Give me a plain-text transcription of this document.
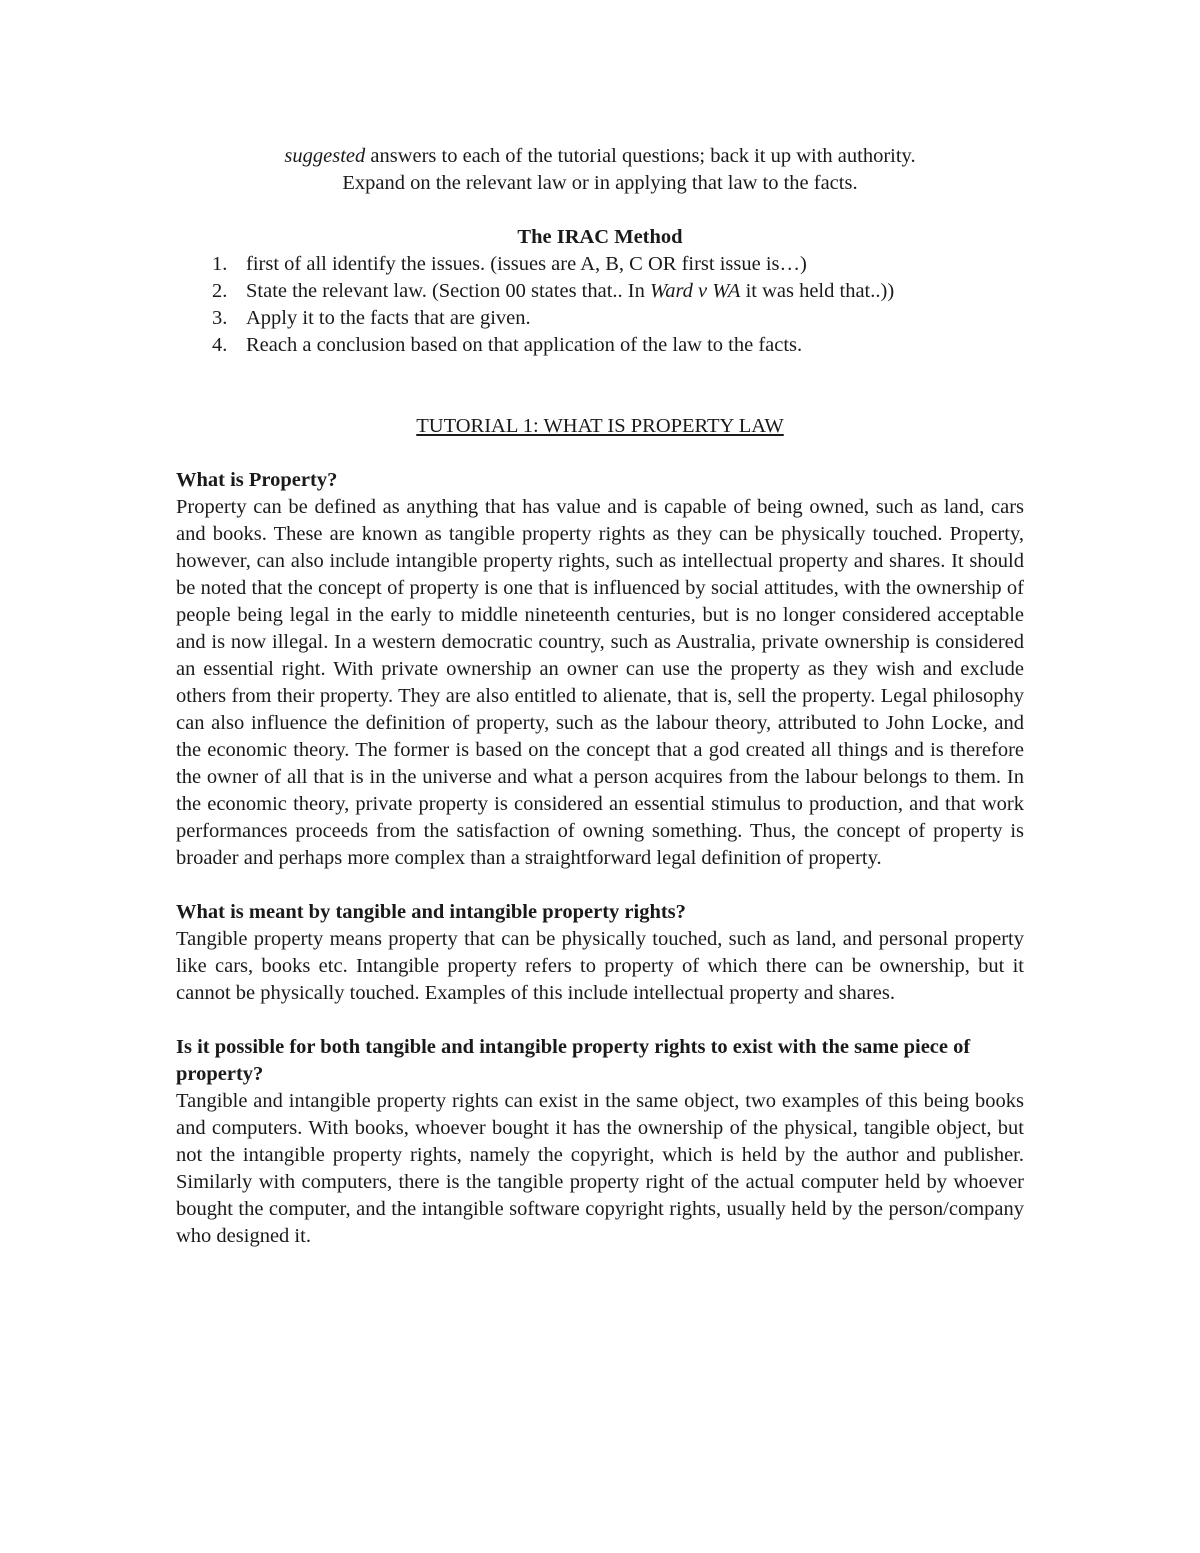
suggested answers to each of the tutorial questions; back it up with authority.
Expand on the relevant law or in applying that law to the facts.
The IRAC Method
1. first of all identify the issues. (issues are A, B, C OR first issue is…)
2. State the relevant law. (Section 00 states that.. In Ward v WA it was held that..))
3. Apply it to the facts that are given.
4. Reach a conclusion based on that application of the law to the facts.
TUTORIAL 1: WHAT IS PROPERTY LAW
What is Property?

Property can be defined as anything that has value and is capable of being owned, such as land, cars and books. These are known as tangible property rights as they can be physically touched. Property, however, can also include intangible property rights, such as intellectual property and shares. It should be noted that the concept of property is one that is influenced by social attitudes, with the ownership of people being legal in the early to middle nineteenth centuries, but is no longer considered acceptable and is now illegal. In a western democratic country, such as Australia, private ownership is considered an essential right. With private ownership an owner can use the property as they wish and exclude others from their property. They are also entitled to alienate, that is, sell the property. Legal philosophy can also influence the definition of property, such as the labour theory, attributed to John Locke, and the economic theory. The former is based on the concept that a god created all things and is therefore the owner of all that is in the universe and what a person acquires from the labour belongs to them. In the economic theory, private property is considered an essential stimulus to production, and that work performances proceeds from the satisfaction of owning something. Thus, the concept of property is broader and perhaps more complex than a straightforward legal definition of property.

What is meant by tangible and intangible property rights?

Tangible property means property that can be physically touched, such as land, and personal property like cars, books etc. Intangible property refers to property of which there can be ownership, but it cannot be physically touched. Examples of this include intellectual property and shares.

Is it possible for both tangible and intangible property rights to exist with the same piece of property?

Tangible and intangible property rights can exist in the same object, two examples of this being books and computers. With books, whoever bought it has the ownership of the physical, tangible object, but not the intangible property rights, namely the copyright, which is held by the author and publisher. Similarly with computers, there is the tangible property right of the actual computer held by whoever bought the computer, and the intangible software copyright rights, usually held by the person/company who designed it.
